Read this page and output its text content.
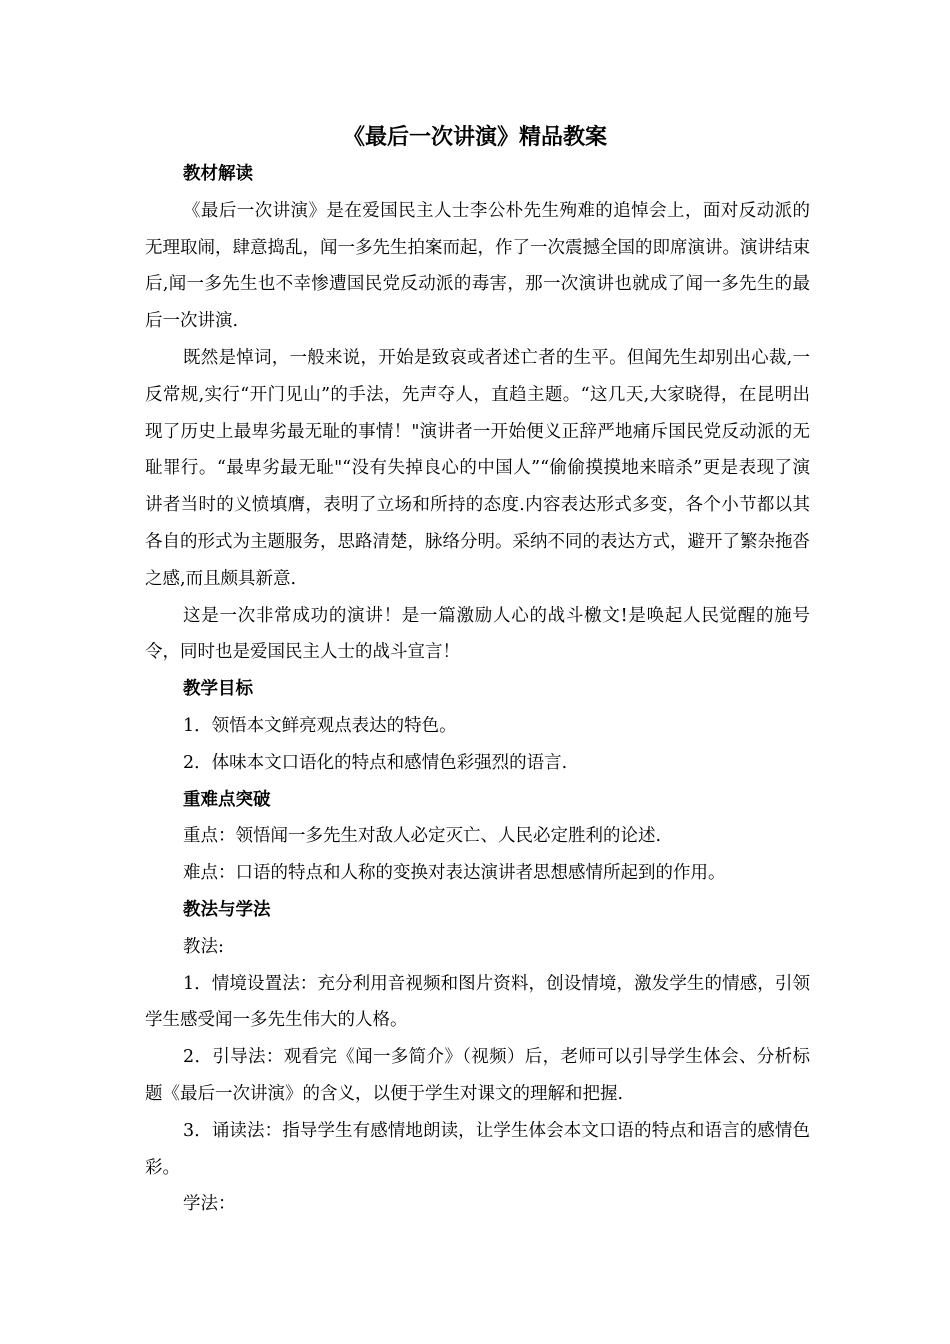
《最后一次讲演》精品教案

教材解读

《最后一次讲演》是在爱国民主人士李公朴先生殉难的追悼会上，面对反动派的无理取闹，肆意捣乱，闻一多先生拍案而起，作了一次震撼全国的即席演讲。演讲结束后,闻一多先生也不幸惨遭国民党反动派的毒害，那一次演讲也就成了闻一多先生的最后一次讲演.

既然是悼词，一般来说，开始是致哀或者述亡者的生平。但闻先生却别出心裁,一反常规,实行“开门见山”的手法，先声夺人，直趋主题。“这几天,大家晓得，在昆明出现了历史上最卑劣最无耻的事情！"演讲者一开始便义正辞严地痛斥国民党反动派的无耻罪行。“最卑劣最无耻"“没有失掉良心的中国人”“偷偷摸摸地来暗杀”更是表现了演讲者当时的义愤填膺，表明了立场和所持的态度.内容表达形式多变，各个小节都以其各自的形式为主题服务，思路清楚，脉络分明。采纳不同的表达方式，避开了繁杂拖沓之感,而且颇具新意.

这是一次非常成功的演讲！是一篇激励人心的战斗檄文!是唤起人民觉醒的施号令，同时也是爱国民主人士的战斗宣言！

教学目标

1．领悟本文鲜亮观点表达的特色。

2．体味本文口语化的特点和感情色彩强烈的语言.

重难点突破

重点：领悟闻一多先生对敌人必定灭亡、人民必定胜利的论述.

难点：口语的特点和人称的变换对表达演讲者思想感情所起到的作用。

教法与学法

教法:

1．情境设置法：充分利用音视频和图片资料，创设情境，激发学生的情感，引领学生感受闻一多先生伟大的人格。

2．引导法：观看完《闻一多简介》（视频）后，老师可以引导学生体会、分析标题《最后一次讲演》的含义，以便于学生对课文的理解和把握.

3．诵读法：指导学生有感情地朗读，让学生体会本文口语的特点和语言的感情色彩。

学法：
